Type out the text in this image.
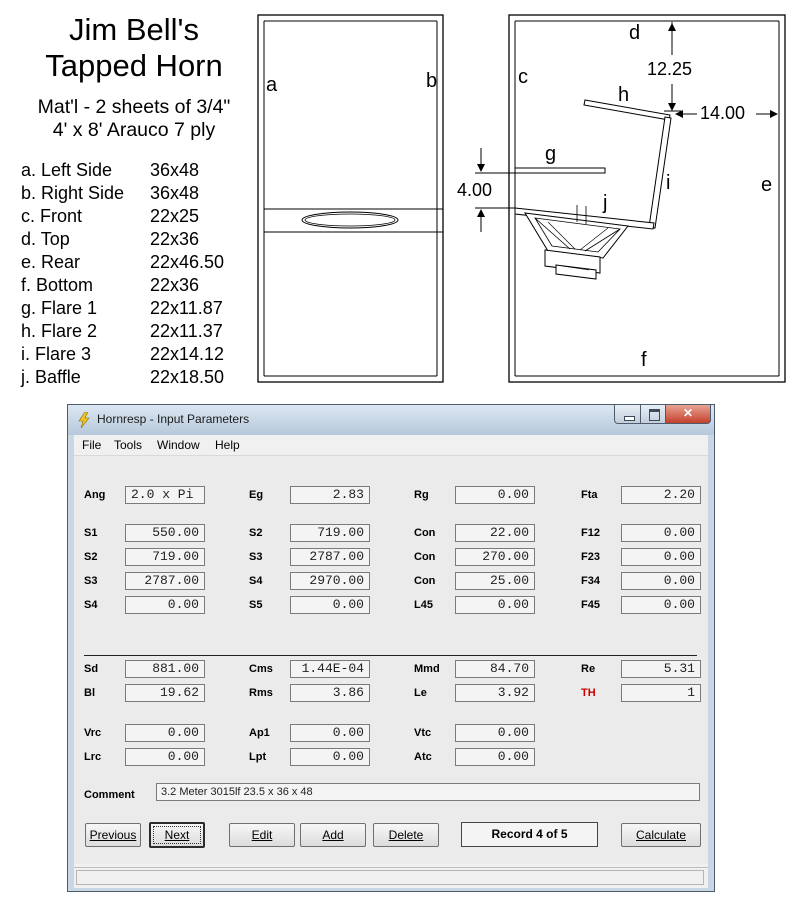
Jim Bell's
Tapped Horn
Mat'l - 2 sheets of 3/4"
4' x 8' Arauco 7 ply
a. Left Side 36x48
b. Right Side 36x48
c. Front	22x25
d. Top	22x36
e. Rear	22x46.50
f. Bottom	22x36
g. Flare 1	22x11.87
h. Flare 2	22x11.37
i. Flare 3	22x14.12
j. Baffle	22x18.50
a	b	c
d
e
f
g
h
i
j
12.25
14.00
4.00
Hornresp - Input Parameters	✕
File Tools Window Help
Ang	2.0 x Pi	Eg	2.83	Rg	0.00	Fta	2.20
S1	550.00	S2	719.00	Con	22.00	F12	0.00
S2	719.00	S3	2787.00	Con	270.00	F23	0.00
S3	2787.00	S4	2970.00	Con	25.00	F34	0.00
S4	0.00	S5	0.00	L45	0.00	F45	0.00
Sd	881.00	Cms	1.44E-04	Mmd	84.70	Re	5.31
Bl	19.62	Rms	3.86	Le	3.92	TH	1
Vrc	0.00	Ap1	0.00	Vtc	0.00
Lrc	0.00	Lpt	0.00	Atc	0.00
Comment	3.2 Meter 3015lf 23.5 x 36 x 48
Previous	Next	Edit	Add	Delete	Record 4 of 5	Calculate
